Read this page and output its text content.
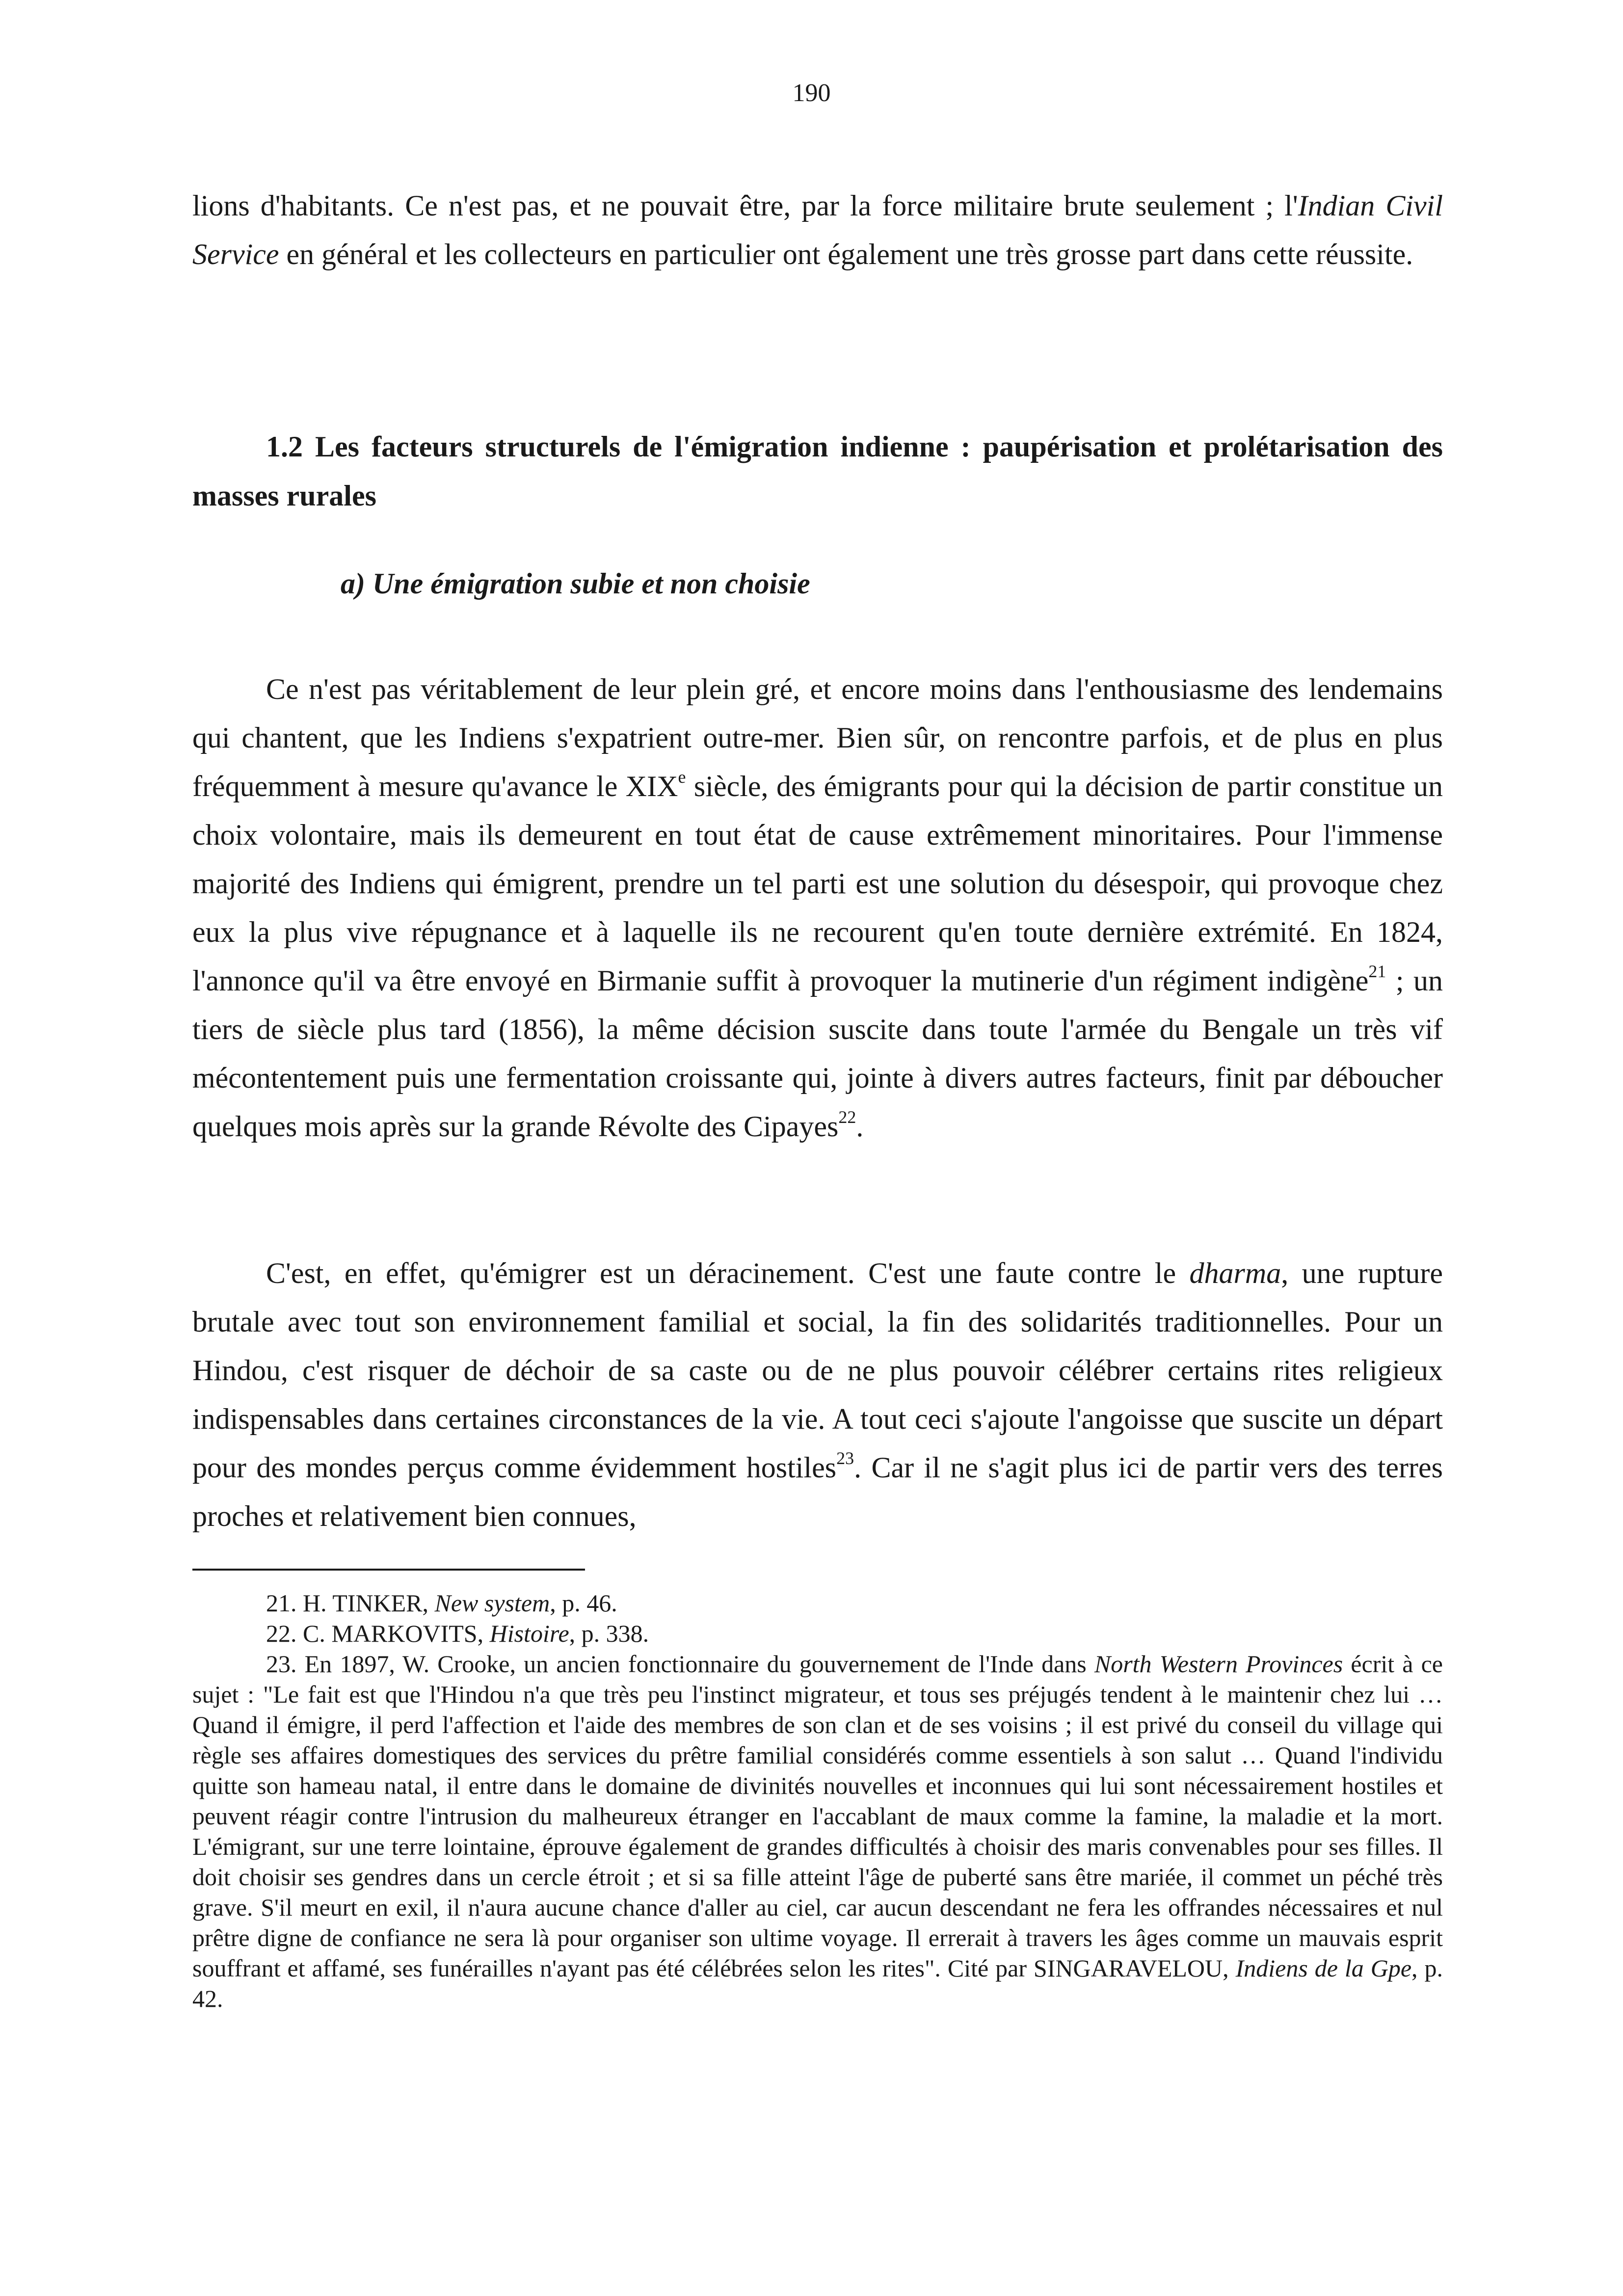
190

lions d'habitants. Ce n'est pas, et ne pouvait être, par la force militaire brute seulement ; l'Indian Civil Service en général et les collecteurs en particulier ont également une très grosse part dans cette réussite.

1.2 Les facteurs structurels de l'émigration indienne : paupérisation et prolétarisation des masses rurales
a) Une émigration subie et non choisie

Ce n'est pas véritablement de leur plein gré, et encore moins dans l'enthousiasme des lendemains qui chantent, que les Indiens s'expatrient outre-mer. Bien sûr, on rencontre parfois, et de plus en plus fréquemment à mesure qu'avance le XIXe siècle, des émigrants pour qui la décision de partir constitue un choix volontaire, mais ils demeurent en tout état de cause extrêmement minoritaires. Pour l'immense majorité des Indiens qui émigrent, prendre un tel parti est une solution du désespoir, qui provoque chez eux la plus vive répugnance et à laquelle ils ne recourent qu'en toute dernière extrémité. En 1824, l'annonce qu'il va être envoyé en Birmanie suffit à provoquer la mutinerie d'un régiment indigène$^{21}$ ; un tiers de siècle plus tard (1856), la même décision suscite dans toute l'armée du Bengale un très vif mécontentement puis une fermentation croissante qui, jointe à divers autres facteurs, finit par déboucher quelques mois après sur la grande Révolte des Cipayes$^{22}$.

C'est, en effet, qu'émigrer est un déracinement. C'est une faute contre le dharma, une rupture brutale avec tout son environnement familial et social, la fin des solidarités traditionnelles. Pour un Hindou, c'est risquer de déchoir de sa caste ou de ne plus pouvoir célébrer certains rites religieux indispensables dans certaines circonstances de la vie. A tout ceci s'ajoute l'angoisse que suscite un départ pour des mondes perçus comme évidemment hostiles$^{23}$. Car il ne s'agit plus ici de partir vers des terres proches et relativement bien connues,

21. H. TINKER, New system, p. 46.

22. C. MARKOVITS, Histoire, p. 338.

23. En 1897, W. Crooke, un ancien fonctionnaire du gouvernement de l'Inde dans North Western Provinces écrit à ce sujet : "Le fait est que l'Hindou n'a que très peu l'instinct migrateur, et tous ses préjugés tendent à le maintenir chez lui … Quand il émigre, il perd l'affection et l'aide des membres de son clan et de ses voisins ; il est privé du conseil du village qui règle ses affaires domestiques des services du prêtre familial considérés comme essentiels à son salut … Quand l'individu quitte son hameau natal, il entre dans le domaine de divinités nouvelles et inconnues qui lui sont nécessairement hostiles et peuvent réagir contre l'intrusion du malheureux étranger en l'accablant de maux comme la famine, la maladie et la mort. L'émigrant, sur une terre lointaine, éprouve également de grandes difficultés à choisir des maris convenables pour ses filles. Il doit choisir ses gendres dans un cercle étroit ; et si sa fille atteint l'âge de puberté sans être mariée, il commet un péché très grave. S'il meurt en exil, il n'aura aucune chance d'aller au ciel, car aucun descendant ne fera les offrandes nécessaires et nul prêtre digne de confiance ne sera là pour organiser son ultime voyage. Il errerait à travers les âges comme un mauvais esprit souffrant et affamé, ses funérailles n'ayant pas été célébrées selon les rites". Cité par SINGARAVELOU, Indiens de la Gpe, p. 42.
